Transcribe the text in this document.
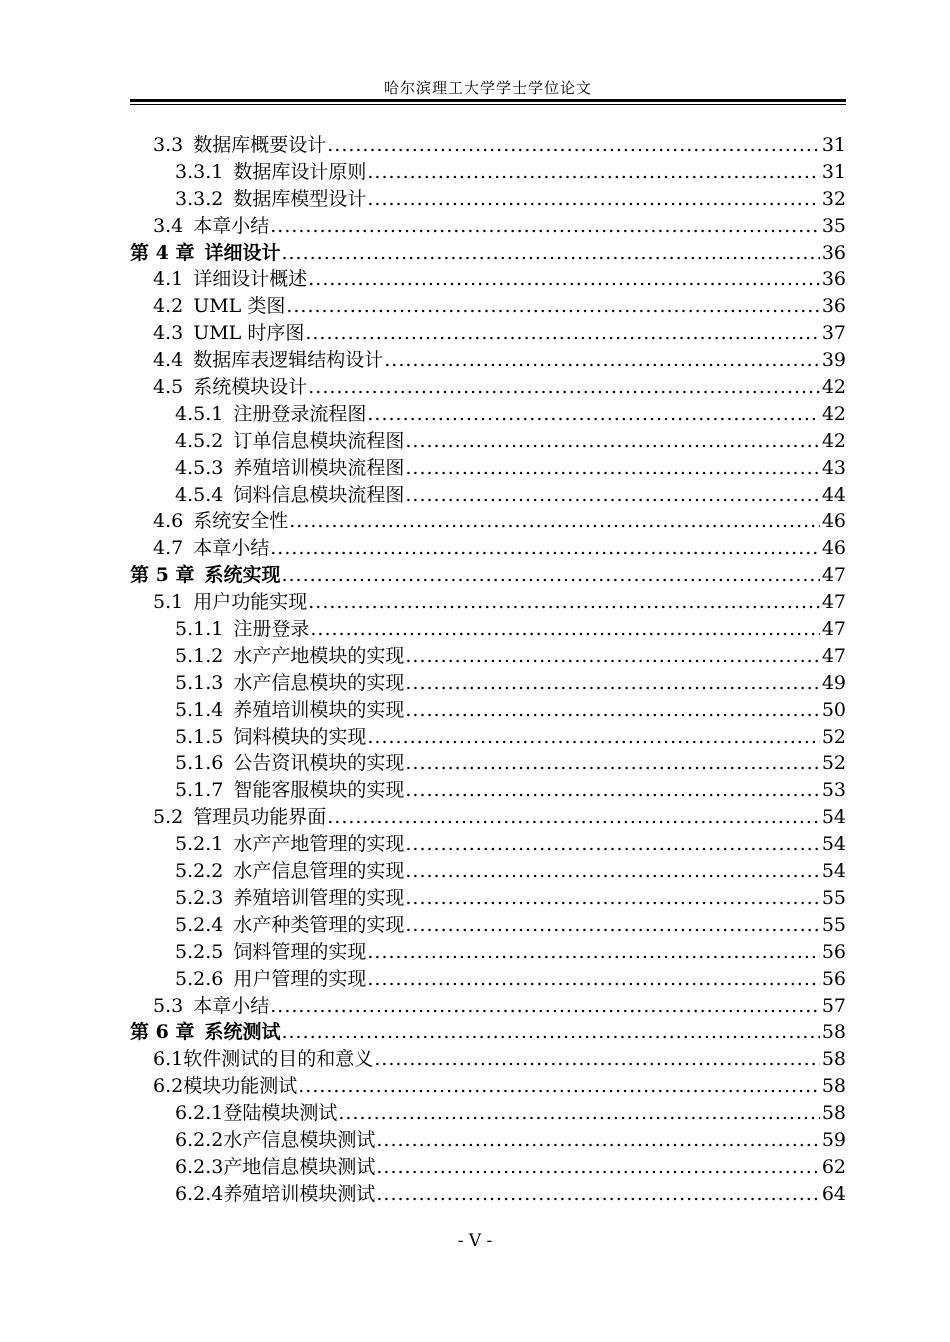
哈尔滨理工大学学士学位论文
3.3 数据库概要设计 .....	31
3.3.1 数据库设计原则 .....	31
3.3.2 数据库模型设计 .....	32
3.4 本章小结 .....	35
第 4 章 详细设计 .....	36
4.1 详细设计概述 .....	36
4.2 UML 类图 .....	36
4.3 UML 时序图 .....	37
4.4 数据库表逻辑结构设计 .....	39
4.5 系统模块设计 .....	42
4.5.1 注册登录流程图 .....	42
4.5.2 订单信息模块流程图 .....	42
4.5.3 养殖培训模块流程图 .....	43
4.5.4 饲料信息模块流程图 .....	44
4.6 系统安全性 .....	46
4.7 本章小结 .....	46
第 5 章 系统实现 .....	47
5.1 用户功能实现 .....	47
5.1.1 注册登录 .....	47
5.1.2 水产产地模块的实现 .....	47
5.1.3 水产信息模块的实现 .....	49
5.1.4 养殖培训模块的实现 .....	50
5.1.5 饲料模块的实现 .....	52
5.1.6 公告资讯模块的实现 .....	52
5.1.7 智能客服模块的实现 .....	53
5.2 管理员功能界面 .....	54
5.2.1 水产产地管理的实现 .....	54
5.2.2 水产信息管理的实现 .....	54
5.2.3 养殖培训管理的实现 .....	55
5.2.4 水产种类管理的实现 .....	55
5.2.5 饲料管理的实现 .....	56
5.2.6 用户管理的实现 .....	56
5.3 本章小结 .....	57
第 6 章 系统测试 .....	58
6.1 软件测试的目的和意义 .....	58
6.2 模块功能测试 .....	58
6.2.1 登陆模块测试 .....	58
6.2.2 水产信息模块测试 .....	59
6.2.3 产地信息模块测试 .....	62
6.2.4 养殖培训模块测试 .....	64
- V -
